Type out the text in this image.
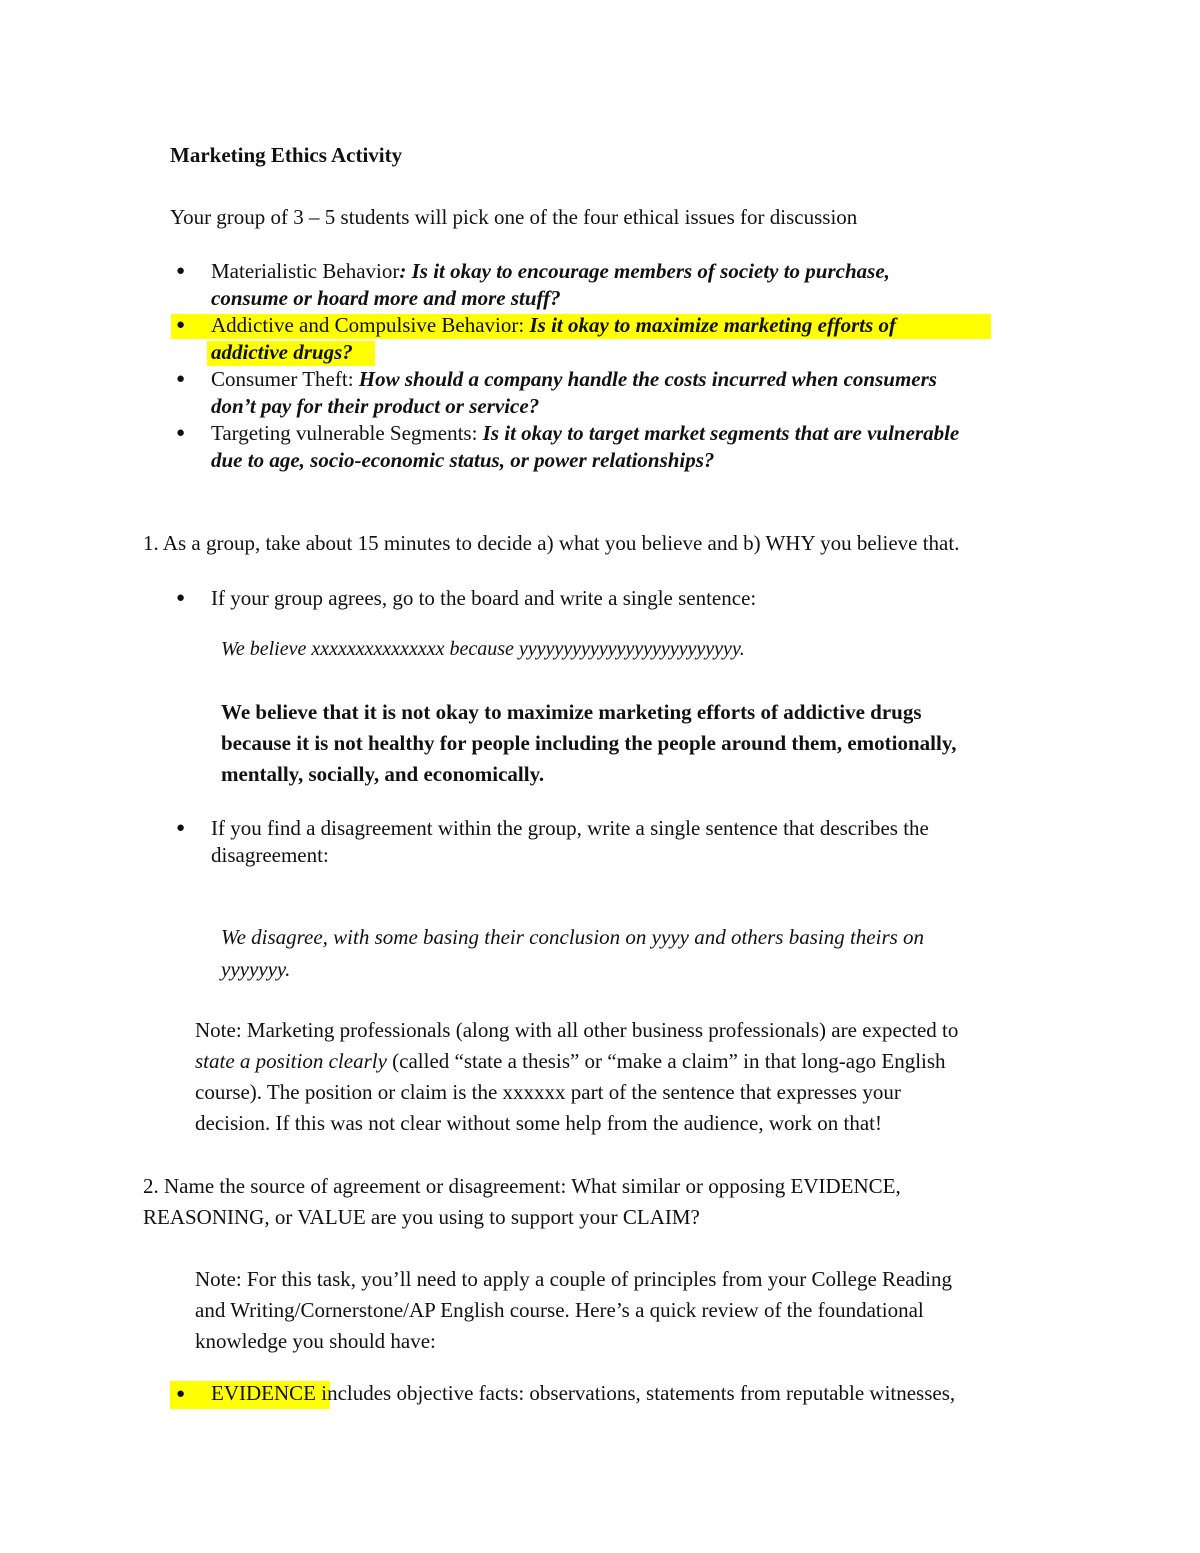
Marketing Ethics Activity
Your group of 3 – 5 students will pick one of the four ethical issues for discussion
● Materialistic Behavior: Is it okay to encourage members of society to purchase,
consume or hoard more and more stuff?
● Addictive and Compulsive Behavior: Is it okay to maximize marketing efforts of
addictive drugs?
● Consumer Theft: How should a company handle the costs incurred when consumers
don’t pay for their product or service?
● Targeting vulnerable Segments: Is it okay to target market segments that are vulnerable
due to age, socio-economic status, or power relationships?
1. As a group, take about 15 minutes to decide a) what you believe and b) WHY you believe that.
● If your group agrees, go to the board and write a single sentence:
We believe xxxxxxxxxxxxxxx because yyyyyyyyyyyyyyyyyyyyyyyyy.
We believe that it is not okay to maximize marketing efforts of addictive drugs
because it is not healthy for people including the people around them, emotionally,
mentally, socially, and economically.
● If you find a disagreement within the group, write a single sentence that describes the
disagreement:
We disagree, with some basing their conclusion on yyyy and others basing theirs on
yyyyyyy.
Note: Marketing professionals (along with all other business professionals) are expected to
state a position clearly (called “state a thesis” or “make a claim” in that long-ago English
course). The position or claim is the xxxxxx part of the sentence that expresses your
decision. If this was not clear without some help from the audience, work on that!
2. Name the source of agreement or disagreement: What similar or opposing EVIDENCE,
REASONING, or VALUE are you using to support your CLAIM?
Note: For this task, you’ll need to apply a couple of principles from your College Reading
and Writing/Cornerstone/AP English course. Here’s a quick review of the foundational
knowledge you should have:
● EVIDENCE includes objective facts: observations, statements from reputable witnesses,
